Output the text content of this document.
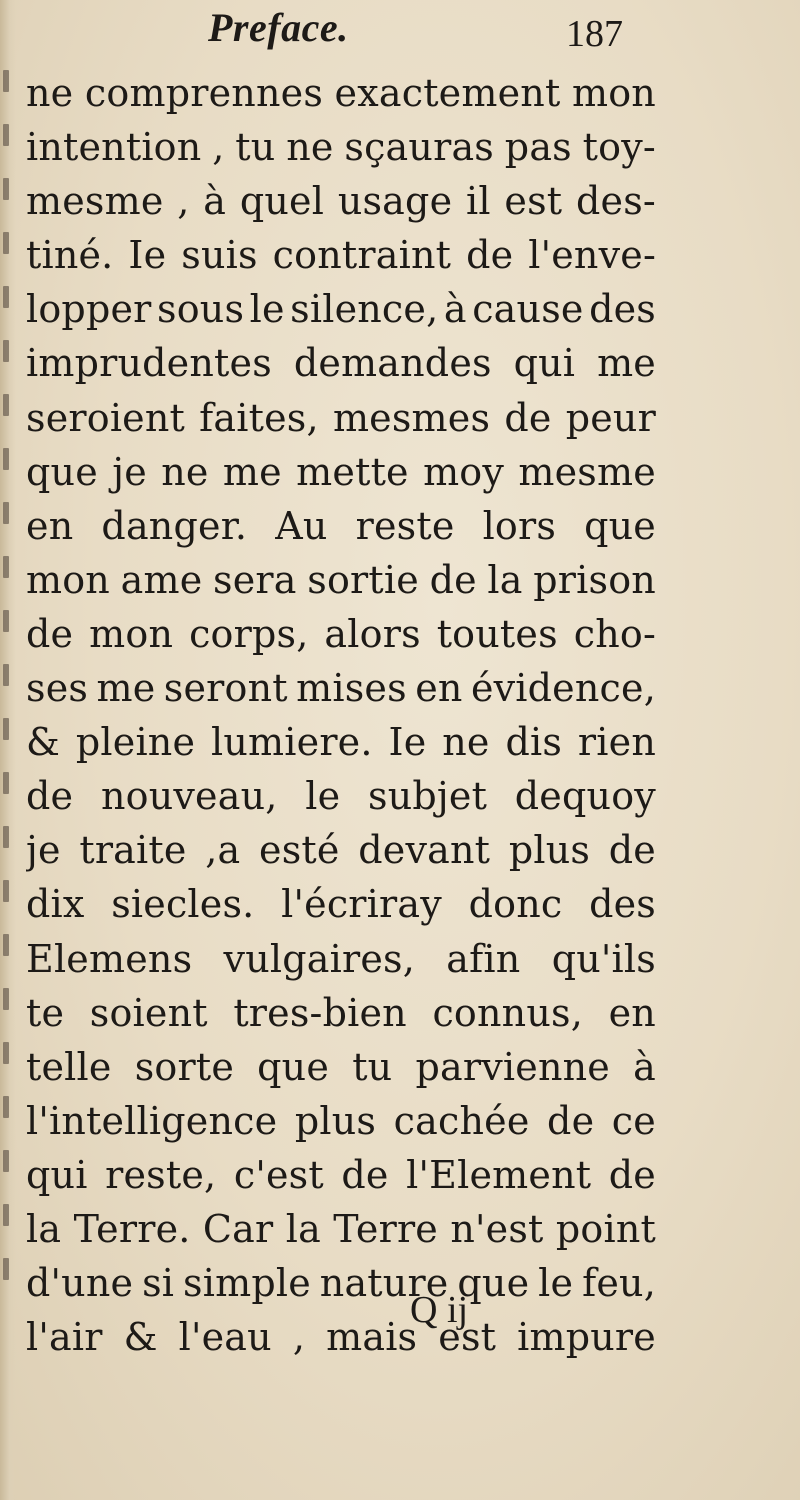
Preface.	187
ne comprennes exactement mon
intention , tu ne sçauras pas toy-
mesme , à quel usage il est des-
tiné. Ie suis contraint de l'enve-
lopper sous le silence, à cause des
imprudentes demandes qui me
seroient faites, mesmes de peur
que je ne me mette moy mesme
en danger. Au reste lors que
mon ame sera sortie de la prison
de mon corps, alors toutes cho-
ses me seront mises en évidence,
& pleine lumiere. Ie ne dis rien
de nouveau, le subjet dequoy
je traite ,a esté devant plus de
dix siecles. l'écriray donc des
Elemens vulgaires, afin qu'ils
te soient tres-bien connus, en
telle sorte que tu parvienne à
l'intelligence plus cachée de ce
qui reste, c'est de l'Element de
la Terre. Car la Terre n'est point
d'une si simple nature que le feu,
l'air & l'eau , mais est impure
Q ij
